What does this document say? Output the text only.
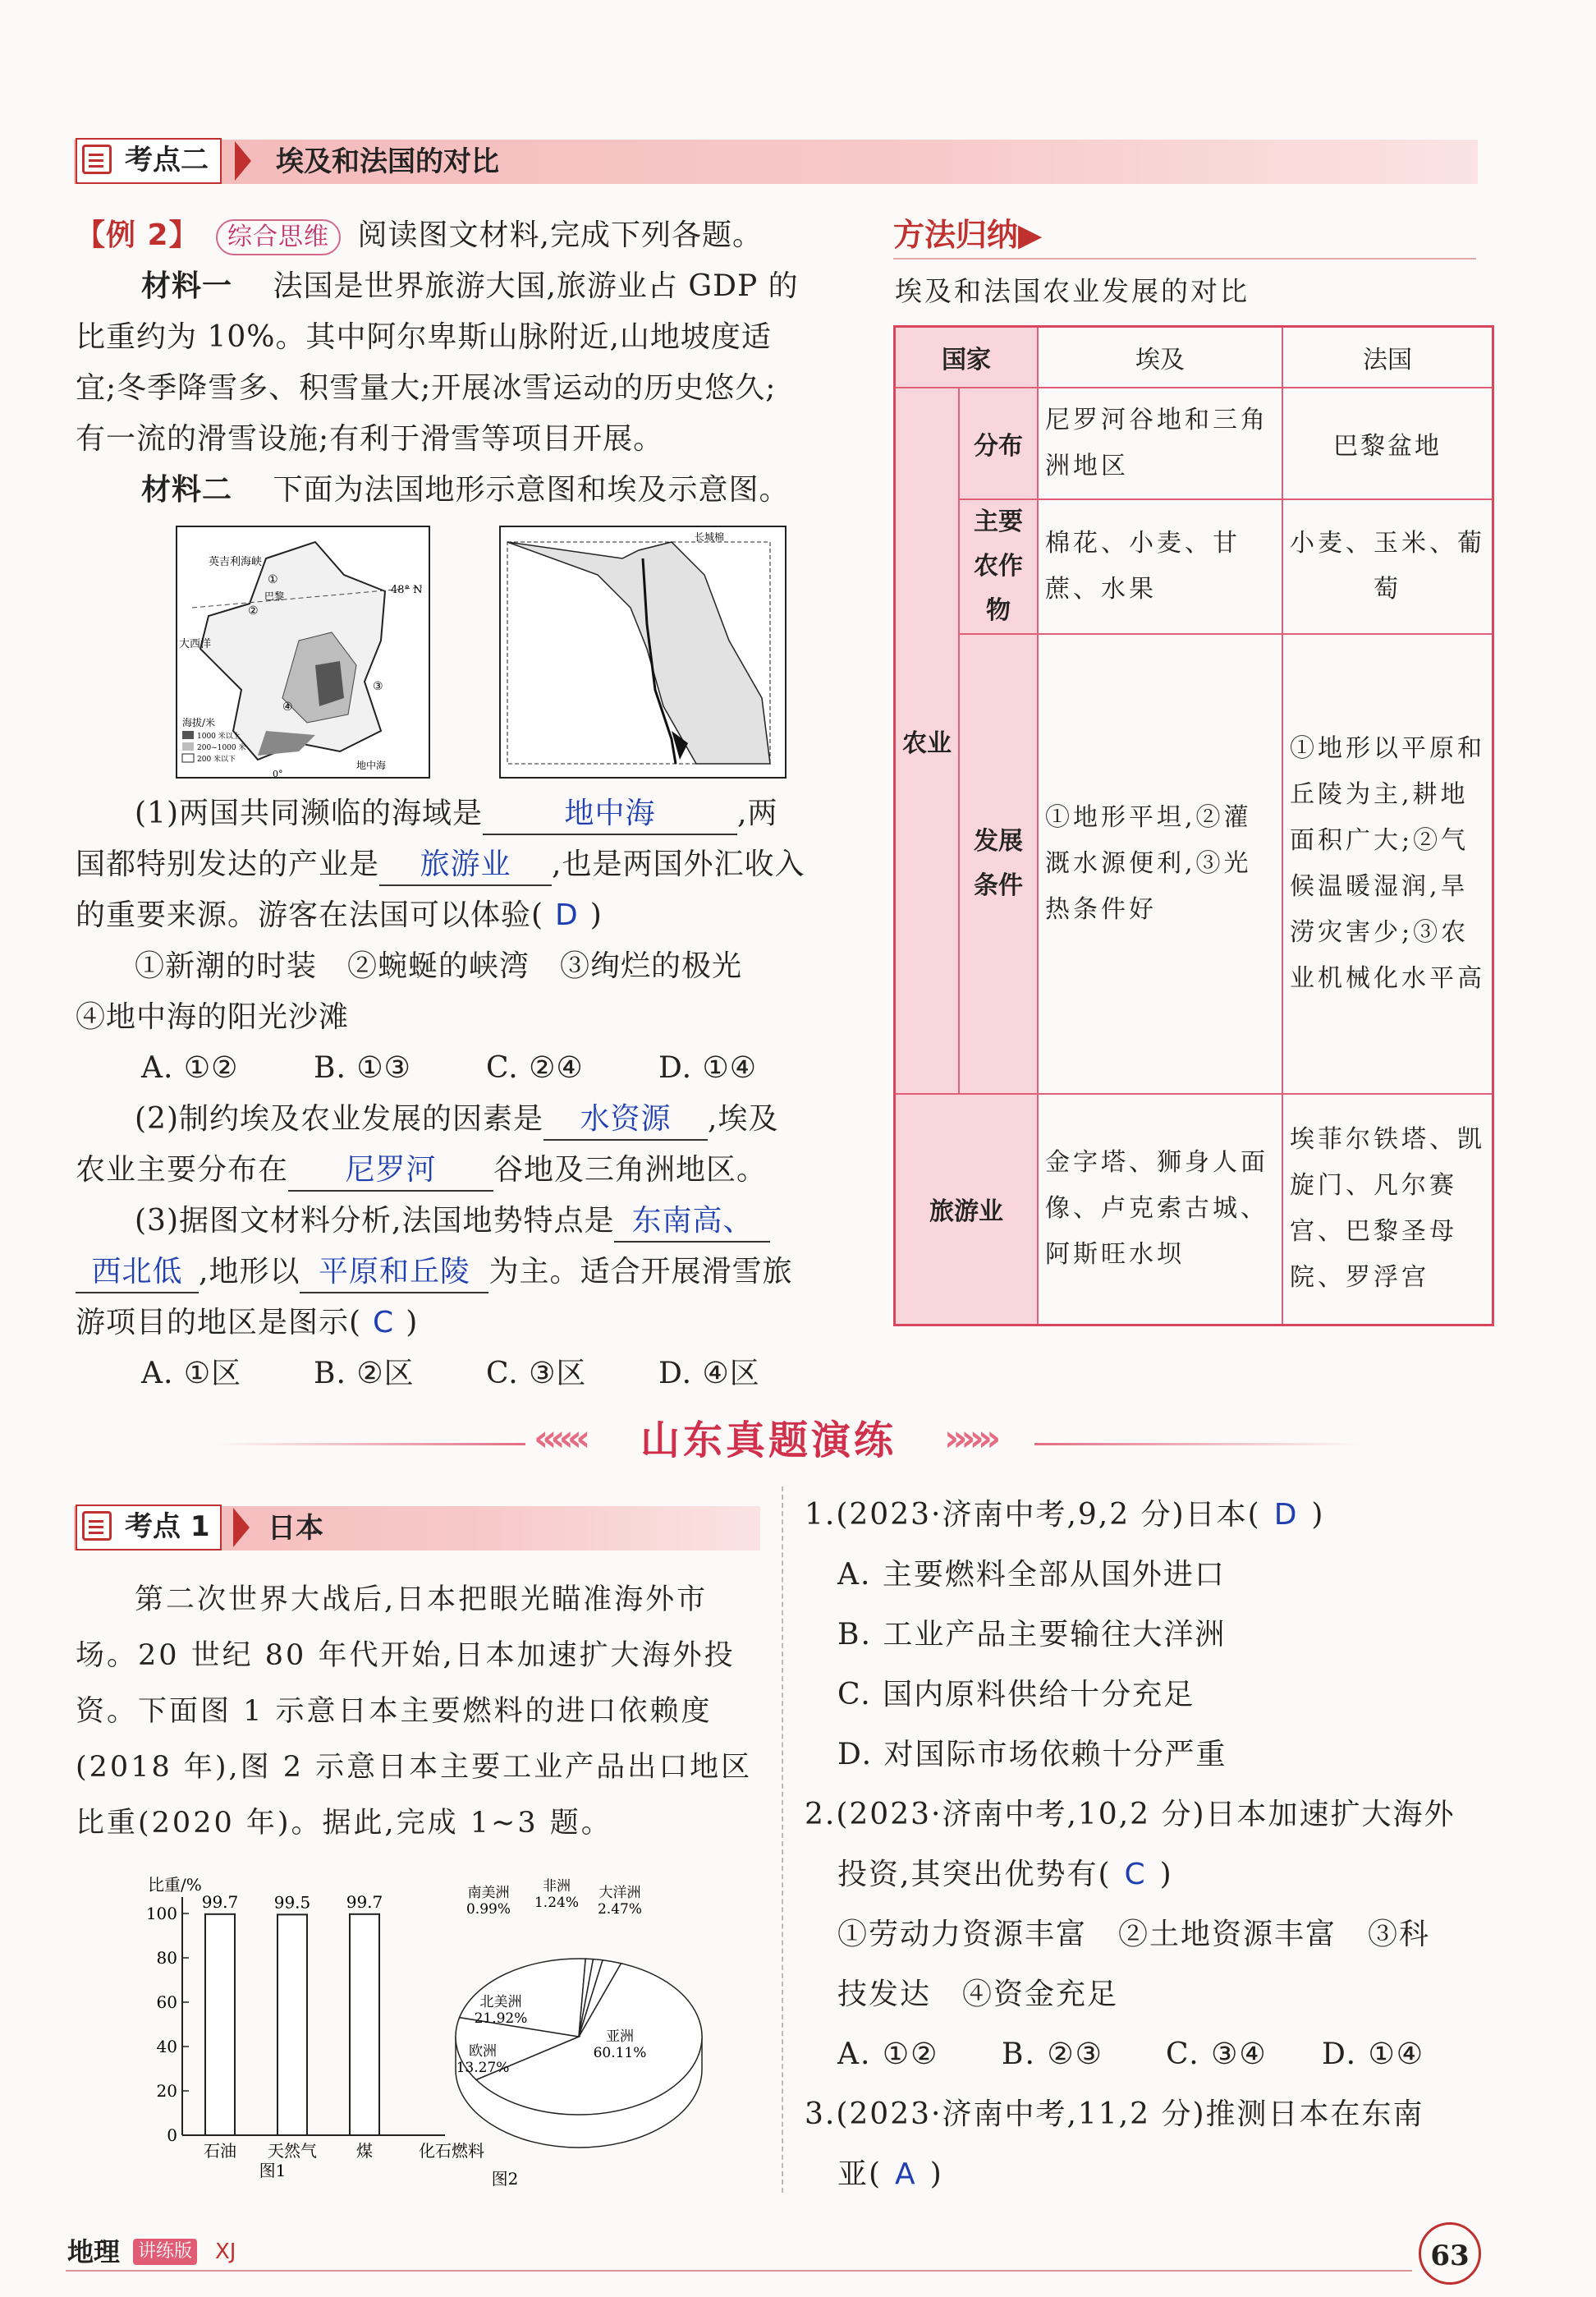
考点二	埃及和法国的对比
【例 2】 综合思维 阅读图文材料,完成下列各题。
材料一　 法国是世界旅游大国,旅游业占 GDP 的
比重约为 10%。其中阿尔卑斯山脉附近,山地坡度适
宜;冬季降雪多、积雪量大;开展冰雪运动的历史悠久;
有一流的滑雪设施;有利于滑雪等项目开展。
材料二　 下面为法国地形示意图和埃及示意图。
英吉利海峡
大西洋
48° N
巴黎
①
②
③
④
海拔/米
1000 米以上
200~1000 米
200 米以下	地中海
0°
长城棉
(1)两国共同濒临的海域是	地中海	,两
国都特别发达的产业是 旅游业 ,也是两国外汇收入
的重要来源。游客在法国可以体验( D )
①新潮的时装　②蜿蜒的峡湾　③绚烂的极光
④地中海的阳光沙滩
A. ①②	B. ①③	C. ②④	D. ①④
(2)制约埃及农业发展的因素是 水资源 ,埃及
农业主要分布在 尼罗河 谷地及三角洲地区。
(3)据图文材料分析,法国地势特点是 东南高、
西北低 ,地形以 平原和丘陵 为主。适合开展滑雪旅
游项目的地区是图示( C )
A. ①区 B. ②区 C. ③区 D. ④区
方法归纳▶
埃及和法国农业发展的对比
国家		埃及	法国
农业	分布	尼罗河谷地和三角洲地区	巴黎盆地
	主要农作物	棉花、小麦、甘蔗、水果	小麦、玉米、葡萄
	发展条件	①地形平坦,②灌溉水源便利,③光热条件好	①地形以平原和丘陵为主,耕地面积广大;②气候温暖湿润,旱涝灾害少;③农业机械化水平高
旅游业		金字塔、狮身人面像、卢克索古城、阿斯旺水坝	埃菲尔铁塔、凯旋门、凡尔赛宫、巴黎圣母院、罗浮宫
««« 山东真题演练 »»»
考点 1	日本
第二次世界大战后,日本把眼光瞄准海外市
场。20 世纪 80 年代开始,日本加速扩大海外投
资。下面图 1 示意日本主要燃料的进口依赖度
(2018 年),图 2 示意日本主要工业产品出口地区
比重(2020 年)。据此,完成 1~3 题。
比重/%
0
20
40
60
80
100
石油
99.7
天然气
99.5
煤
99.7
化石燃料
图1
亚洲
60.11%
欧洲
13.27%
北美洲
21.92%
南美洲
0.99%
非洲
1.24%
大洋洲
2.47%
图2
1.(2023·济南中考,9,2 分)日本( D )
A. 主要燃料全部从国外进口
B. 工业产品主要输往大洋洲
C. 国内原料供给十分充足
D. 对国际市场依赖十分严重
2.(2023·济南中考,10,2 分)日本加速扩大海外
投资,其突出优势有( C )
①劳动力资源丰富　②土地资源丰富　③科
技发达　④资金充足
A. ①② B. ②③ C. ③④ D. ①④
3.(2023·济南中考,11,2 分)推测日本在东南
亚( A )
地理 讲练版 XJ	63
